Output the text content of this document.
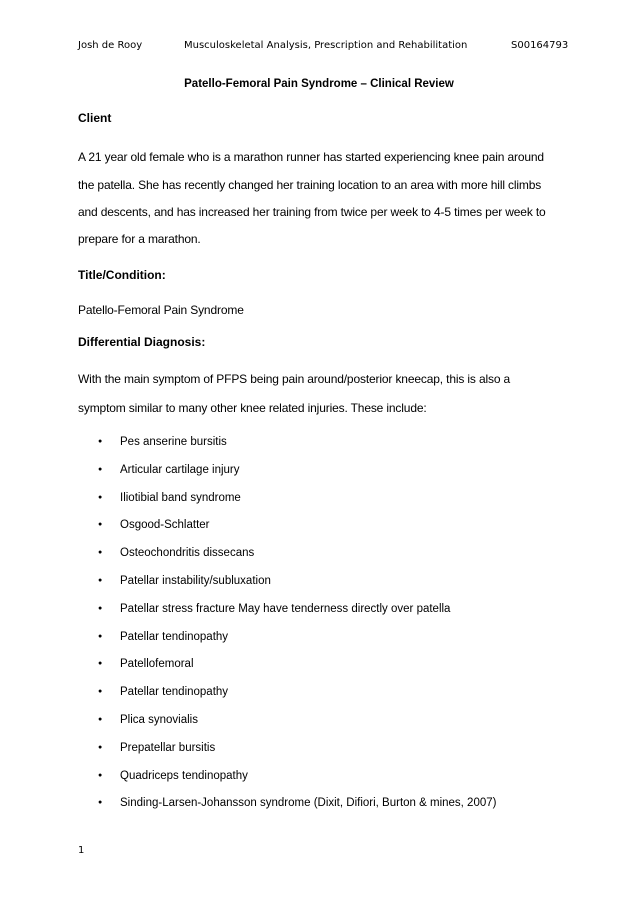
Josh de Rooy	Musculoskeletal Analysis, Prescription and Rehabilitation	S00164793
Patello-Femoral Pain Syndrome – Clinical Review
Client
A 21 year old female who is a marathon runner has started experiencing knee pain around
the patella. She has recently changed her training location to an area with more hill climbs
and descents, and has increased her training from twice per week to 4-5 times per week to
prepare for a marathon.
Title/Condition:
Patello-Femoral Pain Syndrome
Differential Diagnosis:
With the main symptom of PFPS being pain around/posterior kneecap, this is also a
symptom similar to many other knee related injuries. These include:
● Pes anserine bursitis
● Articular cartilage injury
● Iliotibial band syndrome
● Osgood-Schlatter
● Osteochondritis dissecans
● Patellar instability/subluxation
● Patellar stress fracture May have tenderness directly over patella
● Patellar tendinopathy
● Patellofemoral
● Patellar tendinopathy
● Plica synovialis
● Prepatellar bursitis
● Quadriceps tendinopathy
● Sinding-Larsen-Johansson syndrome (Dixit, Difiori, Burton & mines, 2007)
1
